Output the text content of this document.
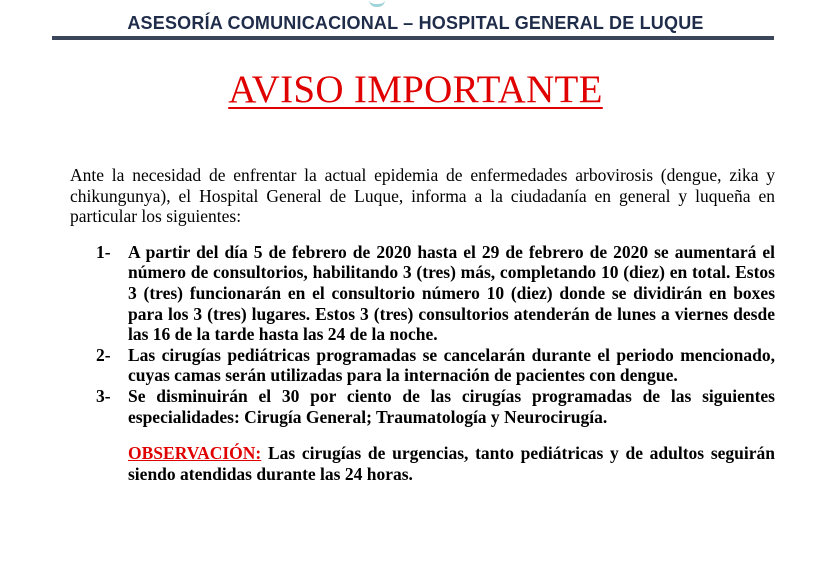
ASESORÍA COMUNICACIONAL – HOSPITAL GENERAL DE LUQUE
AVISO IMPORTANTE

Ante la necesidad de enfrentar la actual epidemia de enfermedades arbovirosis (dengue, zika y chikungunya), el Hospital General de Luque, informa a la ciudadanía en general y luqueña en particular los siguientes:

1- A partir del día 5 de febrero de 2020 hasta el 29 de febrero de 2020 se aumentará el número de consultorios, habilitando 3 (tres) más, completando 10 (diez) en total. Estos 3 (tres) funcionarán en el consultorio número 10 (diez) donde se dividirán en boxes para los 3 (tres) lugares. Estos 3 (tres) consultorios atenderán de lunes a viernes desde las 16 de la tarde hasta las 24 de la noche.
2- Las cirugías pediátricas programadas se cancelarán durante el periodo mencionado, cuyas camas serán utilizadas para la internación de pacientes con dengue.
3- Se disminuirán el 30 por ciento de las cirugías programadas de las siguientes especialidades: Cirugía General; Traumatología y Neurocirugía.

OBSERVACIÓN: Las cirugías de urgencias, tanto pediátricas y de adultos seguirán siendo atendidas durante las 24 horas.
